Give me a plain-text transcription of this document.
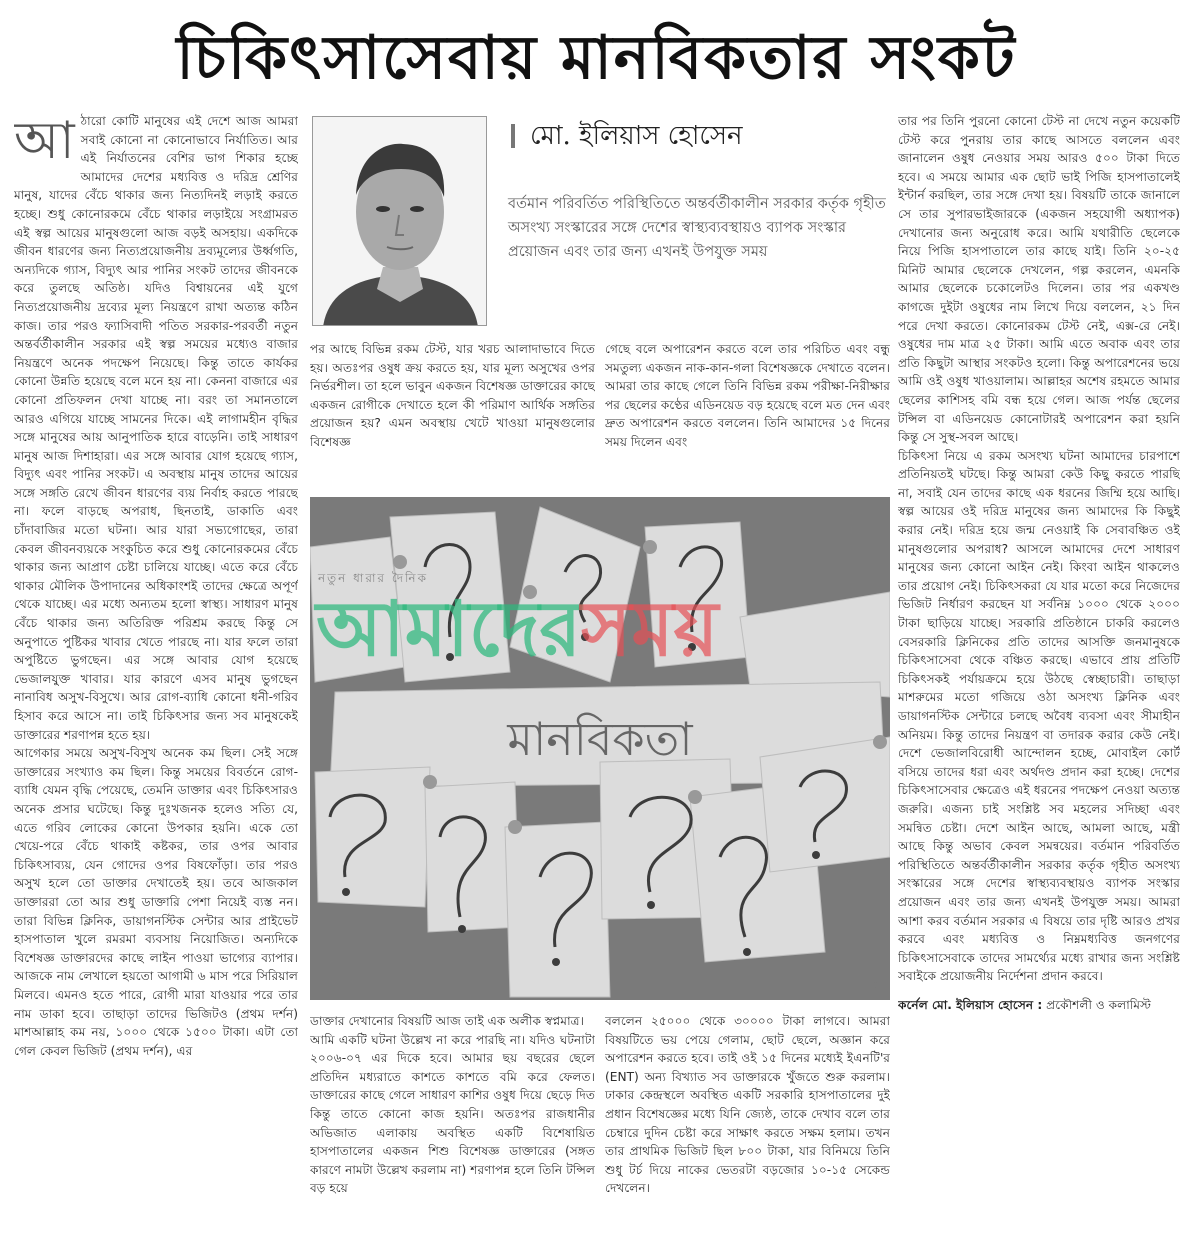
চিকিৎসাসেবায় মানবিকতার সংকট
আ ঠারো কোটি মানুষের এই দেশে আজ আমরা সবাই কোনো না কোনোভাবে নির্যাতিত। আর এই নির্যাতনের বেশির ভাগ শিকার হচ্ছে আমাদের দেশের মধ্যবিত্ত ও দরিদ্র শ্রেণির মানুষ, যাদের বেঁচে থাকার জন্য নিত্যদিনই লড়াই করতে হচ্ছে। শুধু কোনোরকমে বেঁচে থাকার লড়াইয়ে সংগ্রামরত এই স্বল্প আয়ের মানুষগুলো আজ বড়ই অসহায়। একদিকে জীবন ধারণের জন্য নিত্যপ্রয়োজনীয় দ্রব্যমূল্যের উর্ধ্বগতি, অন্যদিকে গ্যাস, বিদ্যুৎ আর পানির সংকট তাদের জীবনকে করে তুলছে অতিষ্ঠ। যদিও বিশ্বায়নের এই যুগে নিত্যপ্রয়োজনীয় দ্রব্যের মূল্য নিয়ন্ত্রণে রাখা অত্যন্ত কঠিন কাজ। তার পরও ফ্যাসিবাদী পতিত সরকার-পরবর্তী নতুন অন্তর্বর্তীকালীন সরকার এই স্বল্প সময়ের মধ্যেও বাজার নিয়ন্ত্রণে অনেক পদক্ষেপ নিয়েছে। কিন্তু তাতে কার্যকর কোনো উন্নতি হয়েছে বলে মনে হয় না। কেননা বাজারে এর কোনো প্রতিফলন দেখা যাচ্ছে না। বরং তা সমানতালে আরও এগিয়ে যাচ্ছে সামনের দিকে। এই লাগামহীন বৃদ্ধির সঙ্গে মানুষের আয় আনুপাতিক হারে বাড়েনি। তাই সাধারণ মানুষ আজ দিশাহারা। এর সঙ্গে আবার যোগ হয়েছে গ্যাস, বিদ্যুৎ এবং পানির সংকট। এ অবস্থায় মানুষ তাদের আয়ের সঙ্গে সঙ্গতি রেখে জীবন ধারণের ব্যয় নির্বাহ করতে পারছে না। ফলে বাড়ছে অপরাধ, ছিনতাই, ডাকাতি এবং চাঁদাবাজির মতো ঘটনা। আর যারা সভ্যগোছের, তারা কেবল জীবনব্যয়কে সংকুচিত করে শুধু কোনোরকমের বেঁচে থাকার জন্য আপ্রাণ চেষ্টা চালিয়ে যাচ্ছে। এতে করে বেঁচে থাকার মৌলিক উপাদানের অধিকাংশই তাদের ক্ষেত্রে অপূর্ণ থেকে যাচ্ছে। এর মধ্যে অন্যতম হলো স্বাস্থ্য। সাধারণ মানুষ বেঁচে থাকার জন্য অতিরিক্ত পরিশ্রম করছে কিন্তু সে অনুপাতে পুষ্টিকর খাবার খেতে পারছে না। যার ফলে তারা অপুষ্টিতে ভুগছেন। এর সঙ্গে আবার যোগ হয়েছে ভেজালযুক্ত খাবার। যার কারণে এসব মানুষ ভুগছেন নানাবিধ অসুখ-বিসুখে। আর রোগ-ব্যাধি কোনো ধনী-গরিব হিসাব করে আসে না। তাই চিকিৎসার জন্য সব মানুষকেই ডাক্তারের শরণাপন্ন হতে হয়।

আগেকার সময়ে অসুখ-বিসুখ অনেক কম ছিল। সেই সঙ্গে ডাক্তারের সংখ্যাও কম ছিল। কিন্তু সময়ের বিবর্তনে রোগ-ব্যাধি যেমন বৃদ্ধি পেয়েছে, তেমনি ডাক্তার এবং চিকিৎসারও অনেক প্রসার ঘটেছে। কিন্তু দুঃখজনক হলেও সত্যি যে, এতে গরিব লোকের কোনো উপকার হয়নি। একে তো খেয়ে-পরে বেঁচে থাকাই কষ্টকর, তার ওপর আবার চিকিৎসাব্যয়, যেন গোদের ওপর বিষফোঁড়া। তার পরও অসুখ হলে তো ডাক্তার দেখাতেই হয়। তবে আজকাল ডাক্তাররা তো আর শুধু ডাক্তারি পেশা নিয়েই ব্যস্ত নন। তারা বিভিন্ন ক্লিনিক, ডায়াগনস্টিক সেন্টার আর প্রাইভেট হাসপাতাল খুলে রমরমা ব্যবসায় নিয়োজিত। অন্যদিকে বিশেষজ্ঞ ডাক্তারদের কাছে লাইন পাওয়া ভাগ্যের ব্যাপার। আজকে নাম লেখালে হয়তো আগামী ৬ মাস পরে সিরিয়াল মিলবে। এমনও হতে পারে, রোগী মারা যাওয়ার পরে তার নাম ডাকা হবে। তাছাড়া তাদের ভিজিটও (প্রথম দর্শন) মাশআল্লাহ কম নয়, ১০০০ থেকে ১৫০০ টাকা। এটা তো গেল কেবল ভিজিট (প্রথম দর্শন), এর

মো. ইলিয়াস হোসেন
বর্তমান পরিবর্তিত পরিস্থিতিতে অন্তর্বর্তীকালীন সরকার কর্তৃক গৃহীত অসংখ্য সংস্কারের সঙ্গে দেশের স্বাস্থ্যব্যবস্থায়ও ব্যাপক সংস্কার প্রয়োজন এবং তার জন্য এখনই উপযুক্ত সময়

পর আছে বিভিন্ন রকম টেস্ট, যার খরচ আলাদাভাবে দিতে হয়। অতঃপর ওষুধ ক্রয় করতে হয়, যার মূল্য অসুখের ওপর নির্ভরশীল। তা হলে ভাবুন একজন বিশেষজ্ঞ ডাক্তারের কাছে একজন রোগীকে দেখাতে হলে কী পরিমাণ আর্থিক সঙ্গতির প্রয়োজন হয়? এমন অবস্থায় খেটে খাওয়া মানুষগুলোর বিশেষজ্ঞ

গেছে বলে অপারেশন করতে বলে তার পরিচিত এবং বন্ধু সমতুল্য একজন নাক-কান-গলা বিশেষজ্ঞকে দেখাতে বলেন। আমরা তার কাছে গেলে তিনি বিভিন্ন রকম পরীক্ষা-নিরীক্ষার পর ছেলের কণ্ঠের এডিনয়েড বড় হয়েছে বলে মত দেন এবং দ্রুত অপারেশন করতে বললেন। তিনি আমাদের ১৫ দিনের সময় দিলেন এবং

মানবিকতা
?
নতুন ধারার দৈনিক
আমাদেরসময়

ডাক্তার দেখানোর বিষয়টি আজ তাই এক অলীক স্বপ্নমাত্র।

আমি একটি ঘটনা উল্লেখ না করে পারছি না। যদিও ঘটনাটা ২০০৬-০৭ এর দিকে হবে। আমার ছয় বছরের ছেলে প্রতিদিন মধ্যরাতে কাশতে কাশতে বমি করে ফেলত। ডাক্তারের কাছে গেলে সাধারণ কাশির ওষুধ দিয়ে ছেড়ে দিত কিন্তু তাতে কোনো কাজ হয়নি। অতঃপর রাজধানীর অভিজাত এলাকায় অবস্থিত একটি বিশেষায়িত হাসপাতালের একজন শিশু বিশেষজ্ঞ ডাক্তারের (সঙ্গত কারণে নামটা উল্লেখ করলাম না) শরণাপন্ন হলে তিনি টন্সিল বড় হয়ে

বললেন ২৫০০০ থেকে ৩০০০০ টাকা লাগবে। আমরা বিষয়টিতে ভয় পেয়ে গেলাম, ছোট ছেলে, অজ্ঞান করে অপারেশন করতে হবে। তাই ওই ১৫ দিনের মধ্যেই ইএনটি'র (ENT) অন্য বিখ্যাত সব ডাক্তারকে খুঁজতে শুরু করলাম। ঢাকার কেন্দ্রস্থলে অবস্থিত একটি সরকারি হাসপাতালের দুই প্রধান বিশেষজ্ঞের মধ্যে যিনি জ্যেষ্ঠ, তাকে দেখাব বলে তার চেম্বারে দুদিন চেষ্টা করে সাক্ষাৎ করতে সক্ষম হলাম। তখন তার প্রাথমিক ভিজিট ছিল ৮০০ টাকা, যার বিনিময়ে তিনি শুধু টর্চ দিয়ে নাকের ভেতরটা বড়জোর ১০-১৫ সেকেন্ড দেখলেন।

তার পর তিনি পুরনো কোনো টেস্ট না দেখে নতুন কয়েকটি টেস্ট করে পুনরায় তার কাছে আসতে বললেন এবং জানালেন ওষুধ নেওয়ার সময় আরও ৫০০ টাকা দিতে হবে। এ সময়ে আমার এক ছোট ভাই পিজি হাসপাতালেই ইন্টার্ন করছিল, তার সঙ্গে দেখা হয়। বিষয়টি তাকে জানালে সে তার সুপারভাইজারকে (একজন সহযোগী অধ্যাপক) দেখানোর জন্য অনুরোধ করে। আমি যথারীতি ছেলেকে নিয়ে পিজি হাসপাতালে তার কাছে যাই। তিনি ২০-২৫ মিনিট আমার ছেলেকে দেখলেন, গল্প করলেন, এমনকি আমার ছেলেকে চকোলেটও দিলেন। তার পর একখণ্ড কাগজে দুইটা ওষুধের নাম লিখে দিয়ে বললেন, ২১ দিন পরে দেখা করতে। কোনোরকম টেস্ট নেই, এক্স-রে নেই। ওষুধের দাম মাত্র ২৫ টাকা। আমি এতে অবাক এবং তার প্রতি কিছুটা আস্থার সংকটও হলো। কিন্তু অপারেশনের ভয়ে আমি ওই ওষুধ খাওয়ালাম। আল্লাহর অশেষ রহমতে আমার ছেলের কাশিসহ বমি বন্ধ হয়ে গেল। আজ পর্যন্ত ছেলের টন্সিল বা এডিনয়েড কোনোটারই অপারেশন করা হয়নি কিন্তু সে সুস্থ-সবল আছে।

চিকিৎসা নিয়ে এ রকম অসংখ্য ঘটনা আমাদের চারপাশে প্রতিনিয়তই ঘটছে। কিন্তু আমরা কেউ কিছু করতে পারছি না, সবাই যেন তাদের কাছে এক ধরনের জিম্মি হয়ে আছি। স্বল্প আয়ের ওই দরিদ্র মানুষের জন্য আমাদের কি কিছুই করার নেই। দরিদ্র হয়ে জন্ম নেওয়াই কি সেবাবঞ্চিত ওই মানুষগুলোর অপরাধ? আসলে আমাদের দেশে সাধারণ মানুষের জন্য কোনো আইন নেই। কিংবা আইন থাকলেও তার প্রয়োগ নেই। চিকিৎসকরা যে যার মতো করে নিজেদের ভিজিট নির্ধারণ করছেন যা সর্বনিম্ন ১০০০ থেকে ২০০০ টাকা ছাড়িয়ে যাচ্ছে। সরকারি প্রতিষ্ঠানে চাকরি করলেও বেসরকারি ক্লিনিকের প্রতি তাদের আসক্তি জনমানুষকে চিকিৎসাসেবা থেকে বঞ্চিত করছে। এভাবে প্রায় প্রতিটি চিকিৎসকই পর্যায়ক্রমে হয়ে উঠছে স্বেচ্ছাচারী। তাছাড়া মাশরুমের মতো গজিয়ে ওঠা অসংখ্য ক্লিনিক এবং ডায়াগনস্টিক সেন্টারে চলছে অবৈধ ব্যবসা এবং সীমাহীন অনিয়ম। কিন্তু তাদের নিয়ন্ত্রণ বা তদারক করার কেউ নেই। দেশে ভেজালবিরোধী আন্দোলন হচ্ছে, মোবাইল কোর্ট বসিয়ে তাদের ধরা এবং অর্থদণ্ড প্রদান করা হচ্ছে। দেশের চিকিৎসাসেবার ক্ষেত্রেও এই ধরনের পদক্ষেপ নেওয়া অত্যন্ত জরুরি। এজন্য চাই সংশ্লিষ্ট সব মহলের সদিচ্ছা এবং সমন্বিত চেষ্টা। দেশে আইন আছে, আমলা আছে, মন্ত্রী আছে কিন্তু অভাব কেবল সমন্বয়ের। বর্তমান পরিবর্তিত পরিস্থিতিতে অন্তর্বর্তীকালীন সরকার কর্তৃক গৃহীত অসংখ্য সংস্কারের সঙ্গে দেশের স্বাস্থ্যব্যবস্থায়ও ব্যাপক সংস্কার প্রয়োজন এবং তার জন্য এখনই উপযুক্ত সময়। আমরা আশা করব বর্তমান সরকার এ বিষয়ে তার দৃষ্টি আরও প্রখর করবে এবং মধ্যবিত্ত ও নিম্নমধ্যবিত্ত জনগণের চিকিৎসাসেবাকে তাদের সামর্থ্যের মধ্যে রাখার জন্য সংশ্লিষ্ট সবাইকে প্রয়োজনীয় নির্দেশনা প্রদান করবে।

কর্নেল মো. ইলিয়াস হোসেন : প্রকৌশলী ও কলামিস্ট
